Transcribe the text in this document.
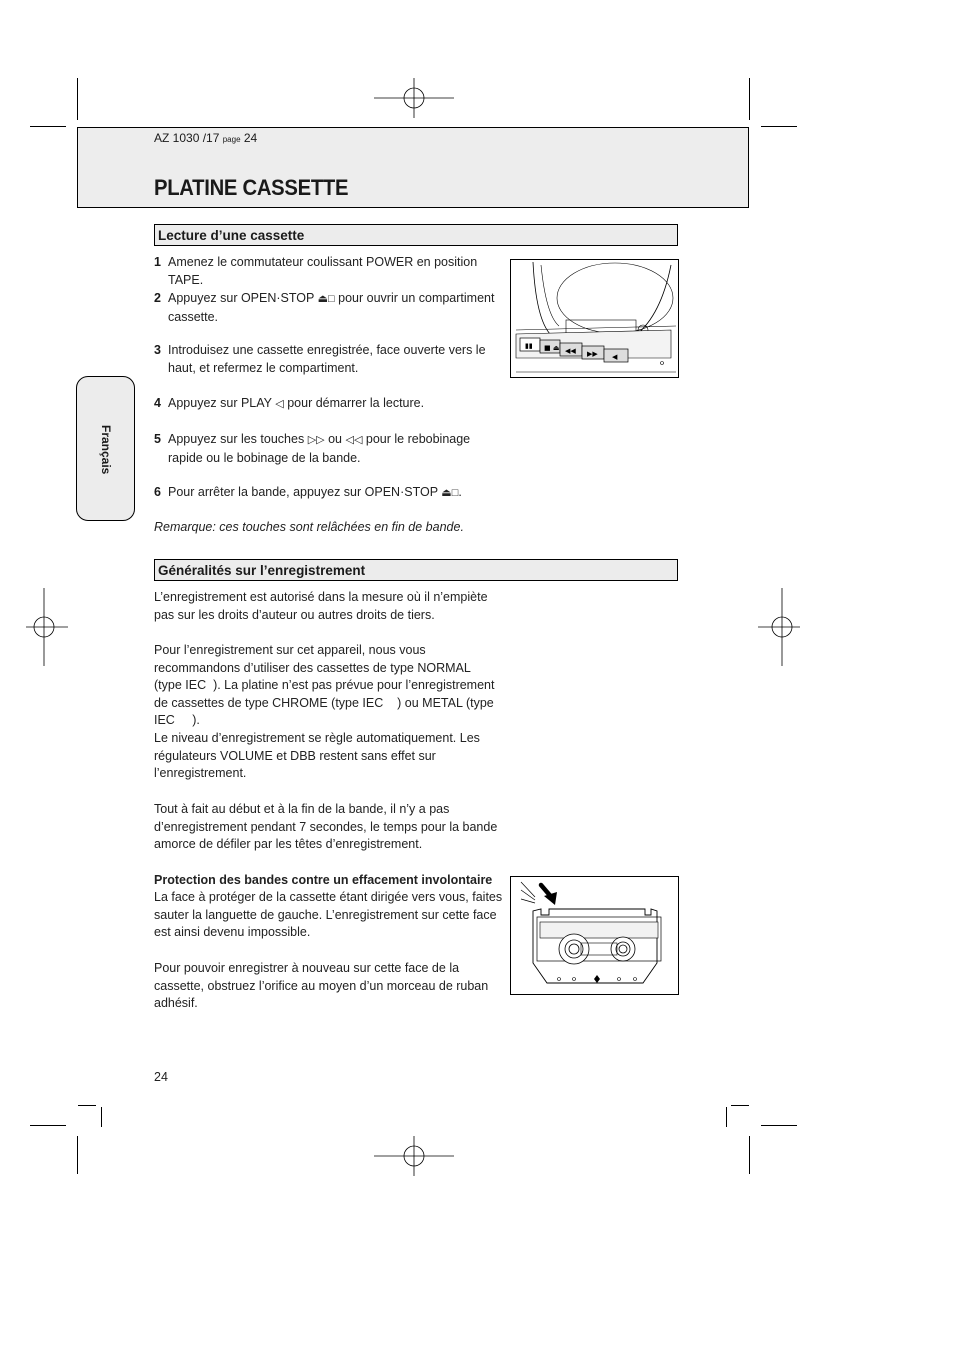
AZ 1030 /17 page 24
PLATINE CASSETTE
Français
Lecture d’une cassette
1 Amenez le commutateur coulissant POWER en position TAPE.
2 Appuyez sur OPEN·STOP ⏏□ pour ouvrir un compartiment cassette.
3 Introduisez une cassette enregistrée, face ouverte vers le haut, et refermez le compartiment.
4 Appuyez sur PLAY ◁ pour démarrer la lecture.
5 Appuyez sur les touches ▷▷ ou ◁◁ pour le rebobinage rapide ou le bobinage de la bande.
6 Pour arrêter la bande, appuyez sur OPEN·STOP ⏏□.
Remarque: ces touches sont relâchées en fin de bande.
▮▮ ■ ⏏ ◀◀ ▶▶ ◀
Généralités sur l’enregistrement
L’enregistrement est autorisé dans la mesure où il n’empiète pas sur les droits d’auteur ou autres droits de tiers.
Pour l’enregistrement sur cet appareil, nous vous recommandons d’utiliser des cassettes de type NORMAL (type IEC ). La platine n’est pas prévue pour l’enregistrement de cassettes de type CHROME (type IEC ) ou METAL (type IEC ).
Le niveau d’enregistrement se règle automatiquement. Les régulateurs VOLUME et DBB restent sans effet sur l’enregistrement.
Tout à fait au début et à la fin de la bande, il n’y a pas d’enregistrement pendant 7 secondes, le temps pour la bande amorce de défiler par les têtes d’enregistrement.
Protection des bandes contre un effacement involontaire
La face à protéger de la cassette étant dirigée vers vous, faites sauter la languette de gauche. L’enregistrement sur cette face est ainsi devenu impossible.
Pour pouvoir enregistrer à nouveau sur cette face de la cassette, obstruez l’orifice au moyen d’un morceau de ruban adhésif.
24
